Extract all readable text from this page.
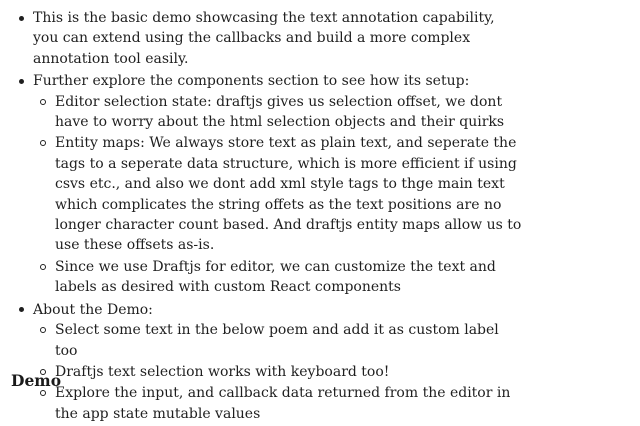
This is the basic demo showcasing the text annotation capability, you can extend using the callbacks and build a more complex annotation tool easily.
Further explore the components section to see how its setup:
Editor selection state: draftjs gives us selection offset, we dont have to worry about the html selection objects and their quirks
Entity maps: We always store text as plain text, and seperate the tags to a seperate data structure, which is more efficient if using csvs etc., and also we dont add xml style tags to thge main text which complicates the string offets as the text positions are no longer character count based. And draftjs entity maps allow us to use these offsets as-is.
Since we use Draftjs for editor, we can customize the text and labels as desired with custom React components
About the Demo:
Select some text in the below poem and add it as custom label too
Draftjs text selection works with keyboard too!
Explore the input, and callback data returned from the editor in the app state mutable values
Demo
